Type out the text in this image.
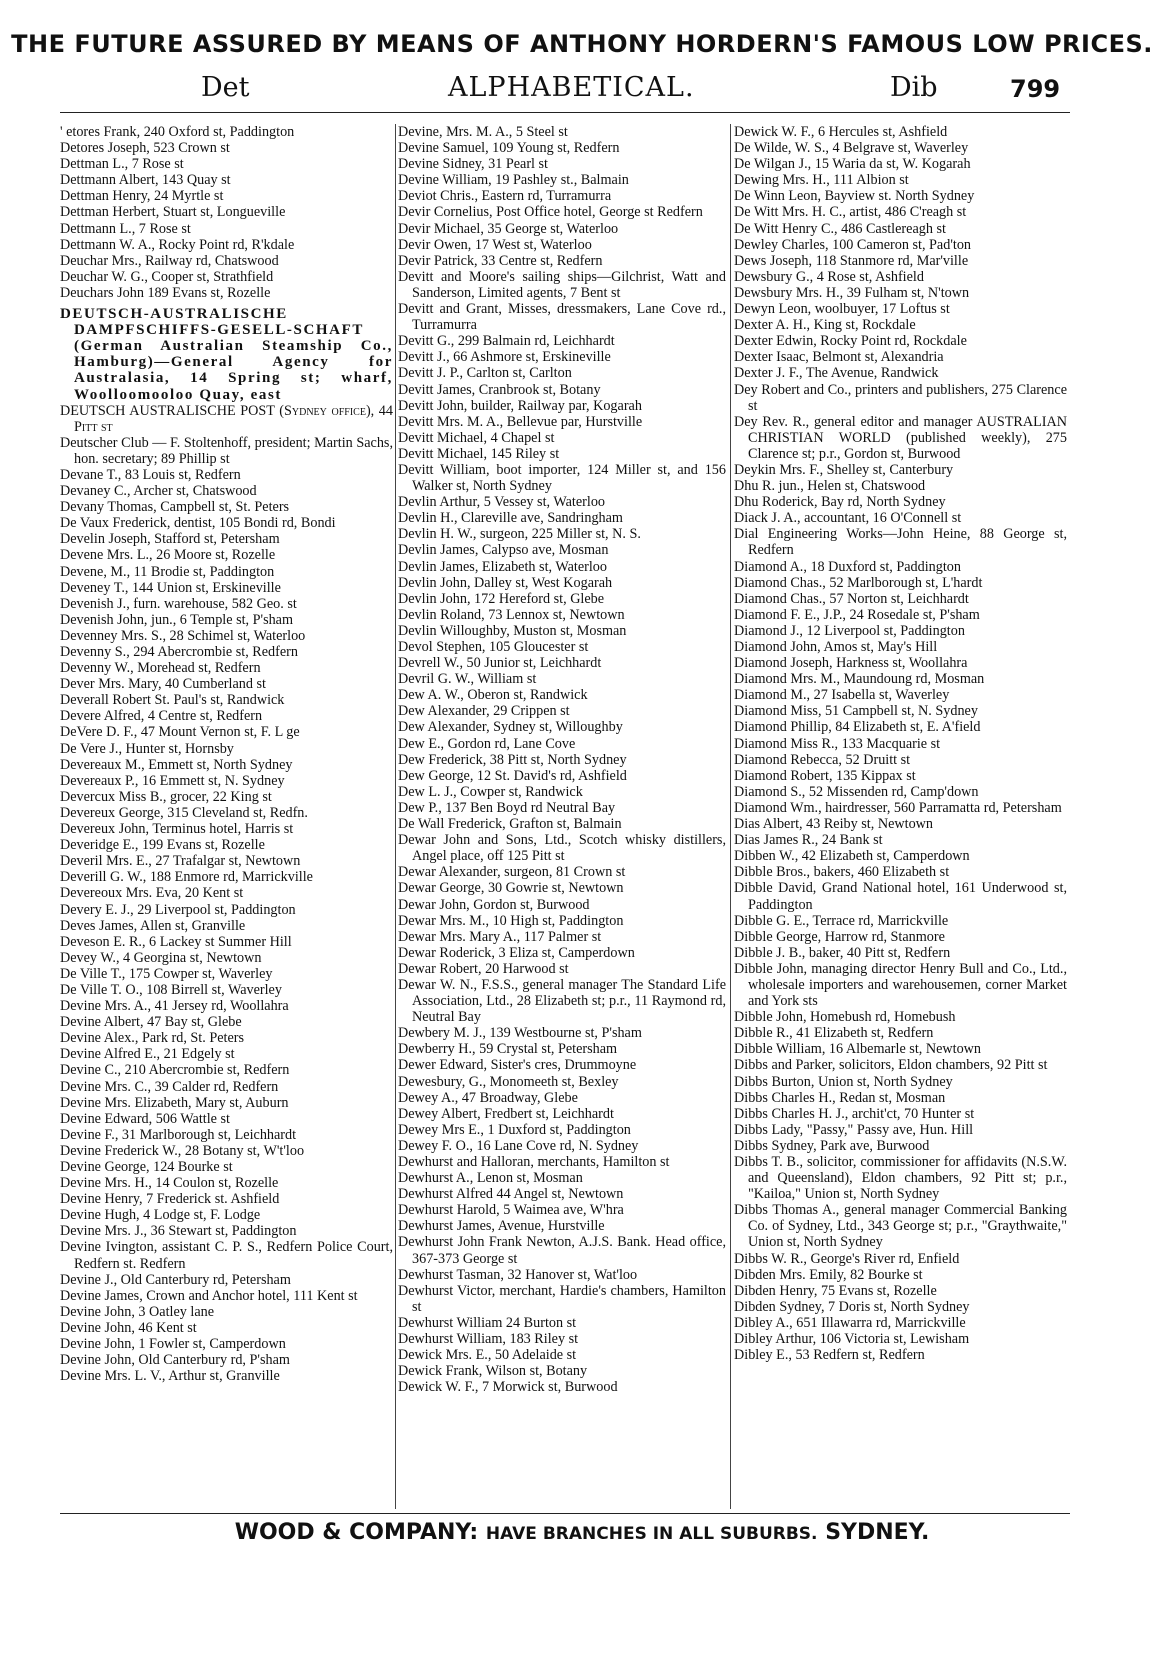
THE FUTURE ASSURED BY MEANS OF ANTHONY HORDERN'S FAMOUS LOW PRICES.
Det	ALPHABETICAL.	Dib	799

' etores Frank, 240 Oxford st, Paddington

Detores Joseph, 523 Crown st

Dettman L., 7 Rose st

Dettmann Albert, 143 Quay st

Dettman Henry, 24 Myrtle st

Dettman Herbert, Stuart st, Longueville

Dettmann L., 7 Rose st

Dettmann W. A., Rocky Point rd, R'kdale

Deuchar Mrs., Railway rd, Chatswood

Deuchar W. G., Cooper st, Strathfield

Deuchars John 189 Evans st, Rozelle

DEUTSCH-AUSTRALISCHE DAMPFSCHIFFS-GESELL-SCHAFT (German Australian Steamship Co., Hamburg)—General Agency for Australasia, 14 Spring st; wharf, Woolloomooloo Quay, east

DEUTSCH AUSTRALISCHE POST (Sydney office), 44 Pitt st

Deutscher Club — F. Stoltenhoff, president; Martin Sachs, hon. secretary; 89 Phillip st

Devane T., 83 Louis st, Redfern

Devaney C., Archer st, Chatswood

Devany Thomas, Campbell st, St. Peters

De Vaux Frederick, dentist, 105 Bondi rd, Bondi

Develin Joseph, Stafford st, Petersham

Devene Mrs. L., 26 Moore st, Rozelle

Devene, M., 11 Brodie st, Paddington

Deveney T., 144 Union st, Erskineville

Devenish J., furn. warehouse, 582 Geo. st

Devenish John, jun., 6 Temple st, P'sham

Devenney Mrs. S., 28 Schimel st, Waterloo

Devenny S., 294 Abercrombie st, Redfern

Devenny W., Morehead st, Redfern

Dever Mrs. Mary, 40 Cumberland st

Deverall Robert St. Paul's st, Randwick

Devere Alfred, 4 Centre st, Redfern

DeVere D. F., 47 Mount Vernon st, F. L ge

De Vere J., Hunter st, Hornsby

Devereaux M., Emmett st, North Sydney

Devereaux P., 16 Emmett st, N. Sydney

Devercux Miss B., grocer, 22 King st

Devereux George, 315 Cleveland st, Redfn.

Devereux John, Terminus hotel, Harris st

Deveridge E., 199 Evans st, Rozelle

Deveril Mrs. E., 27 Trafalgar st, Newtown

Deverill G. W., 188 Enmore rd, Marrickville

Devereoux Mrs. Eva, 20 Kent st

Devery E. J., 29 Liverpool st, Paddington

Deves James, Allen st, Granville

Deveson E. R., 6 Lackey st Summer Hill

Devey W., 4 Georgina st, Newtown

De Ville T., 175 Cowper st, Waverley

De Ville T. O., 108 Birrell st, Waverley

Devine Mrs. A., 41 Jersey rd, Woollahra

Devine Albert, 47 Bay st, Glebe

Devine Alex., Park rd, St. Peters

Devine Alfred E., 21 Edgely st

Devine C., 210 Abercrombie st, Redfern

Devine Mrs. C., 39 Calder rd, Redfern

Devine Mrs. Elizabeth, Mary st, Auburn

Devine Edward, 506 Wattle st

Devine F., 31 Marlborough st, Leichhardt

Devine Frederick W., 28 Botany st, W't'loo

Devine George, 124 Bourke st

Devine Mrs. H., 14 Coulon st, Rozelle

Devine Henry, 7 Frederick st. Ashfield

Devine Hugh, 4 Lodge st, F. Lodge

Devine Mrs. J., 36 Stewart st, Paddington

Devine Ivington, assistant C. P. S., Redfern Police Court, Redfern st. Redfern

Devine J., Old Canterbury rd, Petersham

Devine James, Crown and Anchor hotel, 111 Kent st

Devine John, 3 Oatley lane

Devine John, 46 Kent st

Devine John, 1 Fowler st, Camperdown

Devine John, Old Canterbury rd, P'sham

Devine Mrs. L. V., Arthur st, Granville

Devine, Mrs. M. A., 5 Steel st

Devine Samuel, 109 Young st, Redfern

Devine Sidney, 31 Pearl st

Devine William, 19 Pashley st., Balmain

Deviot Chris., Eastern rd, Turramurra

Devir Cornelius, Post Office hotel, George st Redfern

Devir Michael, 35 George st, Waterloo

Devir Owen, 17 West st, Waterloo

Devir Patrick, 33 Centre st, Redfern

Devitt and Moore's sailing ships—Gilchrist, Watt and Sanderson, Limited agents, 7 Bent st

Devitt and Grant, Misses, dressmakers, Lane Cove rd., Turramurra

Devitt G., 299 Balmain rd, Leichhardt

Devitt J., 66 Ashmore st, Erskineville

Devitt J. P., Carlton st, Carlton

Devitt James, Cranbrook st, Botany

Devitt John, builder, Railway par, Kogarah

Devitt Mrs. M. A., Bellevue par, Hurstville

Devitt Michael, 4 Chapel st

Devitt Michael, 145 Riley st

Devitt William, boot importer, 124 Miller st, and 156 Walker st, North Sydney

Devlin Arthur, 5 Vessey st, Waterloo

Devlin H., Clareville ave, Sandringham

Devlin H. W., surgeon, 225 Miller st, N. S.

Devlin James, Calypso ave, Mosman

Devlin James, Elizabeth st, Waterloo

Devlin John, Dalley st, West Kogarah

Devlin John, 172 Hereford st, Glebe

Devlin Roland, 73 Lennox st, Newtown

Devlin Willoughby, Muston st, Mosman

Devol Stephen, 105 Gloucester st

Devrell W., 50 Junior st, Leichhardt

Devril G. W., William st

Dew A. W., Oberon st, Randwick

Dew Alexander, 29 Crippen st

Dew Alexander, Sydney st, Willoughby

Dew E., Gordon rd, Lane Cove

Dew Frederick, 38 Pitt st, North Sydney

Dew George, 12 St. David's rd, Ashfield

Dew L. J., Cowper st, Randwick

Dew P., 137 Ben Boyd rd Neutral Bay

De Wall Frederick, Grafton st, Balmain

Dewar John and Sons, Ltd., Scotch whisky distillers, Angel place, off 125 Pitt st

Dewar Alexander, surgeon, 81 Crown st

Dewar George, 30 Gowrie st, Newtown

Dewar John, Gordon st, Burwood

Dewar Mrs. M., 10 High st, Paddington

Dewar Mrs. Mary A., 117 Palmer st

Dewar Roderick, 3 Eliza st, Camperdown

Dewar Robert, 20 Harwood st

Dewar W. N., F.S.S., general manager The Standard Life Association, Ltd., 28 Elizabeth st; p.r., 11 Raymond rd, Neutral Bay

Dewbery M. J., 139 Westbourne st, P'sham

Dewberry H., 59 Crystal st, Petersham

Dewer Edward, Sister's cres, Drummoyne

Dewesbury, G., Monomeeth st, Bexley

Dewey A., 47 Broadway, Glebe

Dewey Albert, Fredbert st, Leichhardt

Dewey Mrs E., 1 Duxford st, Paddington

Dewey F. O., 16 Lane Cove rd, N. Sydney

Dewhurst and Halloran, merchants, Hamilton st

Dewhurst A., Lenon st, Mosman

Dewhurst Alfred 44 Angel st, Newtown

Dewhurst Harold, 5 Waimea ave, W'hra

Dewhurst James, Avenue, Hurstville

Dewhurst John Frank Newton, A.J.S. Bank. Head office, 367-373 George st

Dewhurst Tasman, 32 Hanover st, Wat'loo

Dewhurst Victor, merchant, Hardie's chambers, Hamilton st

Dewhurst William 24 Burton st

Dewhurst William, 183 Riley st

Dewick Mrs. E., 50 Adelaide st

Dewick Frank, Wilson st, Botany

Dewick W. F., 7 Morwick st, Burwood

Dewick W. F., 6 Hercules st, Ashfield

De Wilde, W. S., 4 Belgrave st, Waverley

De Wilgan J., 15 Waria da st, W. Kogarah

Dewing Mrs. H., 111 Albion st

De Winn Leon, Bayview st. North Sydney

De Witt Mrs. H. C., artist, 486 C'reagh st

De Witt Henry C., 486 Castlereagh st

Dewley Charles, 100 Cameron st, Pad'ton

Dews Joseph, 118 Stanmore rd, Mar'ville

Dewsbury G., 4 Rose st, Ashfield

Dewsbury Mrs. H., 39 Fulham st, N'town

Dewyn Leon, woolbuyer, 17 Loftus st

Dexter A. H., King st, Rockdale

Dexter Edwin, Rocky Point rd, Rockdale

Dexter Isaac, Belmont st, Alexandria

Dexter J. F., The Avenue, Randwick

Dey Robert and Co., printers and publishers, 275 Clarence st

Dey Rev. R., general editor and manager AUSTRALIAN CHRISTIAN WORLD (published weekly), 275 Clarence st; p.r., Gordon st, Burwood

Deykin Mrs. F., Shelley st, Canterbury

Dhu R. jun., Helen st, Chatswood

Dhu Roderick, Bay rd, North Sydney

Diack J. A., accountant, 16 O'Connell st

Dial Engineering Works—John Heine, 88 George st, Redfern

Diamond A., 18 Duxford st, Paddington

Diamond Chas., 52 Marlborough st, L'hardt

Diamond Chas., 57 Norton st, Leichhardt

Diamond F. E., J.P., 24 Rosedale st, P'sham

Diamond J., 12 Liverpool st, Paddington

Diamond John, Amos st, May's Hill

Diamond Joseph, Harkness st, Woollahra

Diamond Mrs. M., Maundoung rd, Mosman

Diamond M., 27 Isabella st, Waverley

Diamond Miss, 51 Campbell st, N. Sydney

Diamond Phillip, 84 Elizabeth st, E. A'field

Diamond Miss R., 133 Macquarie st

Diamond Rebecca, 52 Druitt st

Diamond Robert, 135 Kippax st

Diamond S., 52 Missenden rd, Camp'down

Diamond Wm., hairdresser, 560 Parramatta rd, Petersham

Dias Albert, 43 Reiby st, Newtown

Dias James R., 24 Bank st

Dibben W., 42 Elizabeth st, Camperdown

Dibble Bros., bakers, 460 Elizabeth st

Dibble David, Grand National hotel, 161 Underwood st, Paddington

Dibble G. E., Terrace rd, Marrickville

Dibble George, Harrow rd, Stanmore

Dibble J. B., baker, 40 Pitt st, Redfern

Dibble John, managing director Henry Bull and Co., Ltd., wholesale importers and warehousemen, corner Market and York sts

Dibble John, Homebush rd, Homebush

Dibble R., 41 Elizabeth st, Redfern

Dibble William, 16 Albemarle st, Newtown

Dibbs and Parker, solicitors, Eldon chambers, 92 Pitt st

Dibbs Burton, Union st, North Sydney

Dibbs Charles H., Redan st, Mosman

Dibbs Charles H. J., archit'ct, 70 Hunter st

Dibbs Lady, "Passy," Passy ave, Hun. Hill

Dibbs Sydney, Park ave, Burwood

Dibbs T. B., solicitor, commissioner for affidavits (N.S.W. and Queensland), Eldon chambers, 92 Pitt st; p.r., "Kailoa," Union st, North Sydney

Dibbs Thomas A., general manager Commercial Banking Co. of Sydney, Ltd., 343 George st; p.r., "Graythwaite," Union st, North Sydney

Dibbs W. R., George's River rd, Enfield

Dibden Mrs. Emily, 82 Bourke st

Dibden Henry, 75 Evans st, Rozelle

Dibden Sydney, 7 Doris st, North Sydney

Dibley A., 651 Illawarra rd, Marrickville

Dibley Arthur, 106 Victoria st, Lewisham

Dibley E., 53 Redfern st, Redfern

WOOD & COMPANY: HAVE BRANCHES IN ALL SUBURBS. SYDNEY.
